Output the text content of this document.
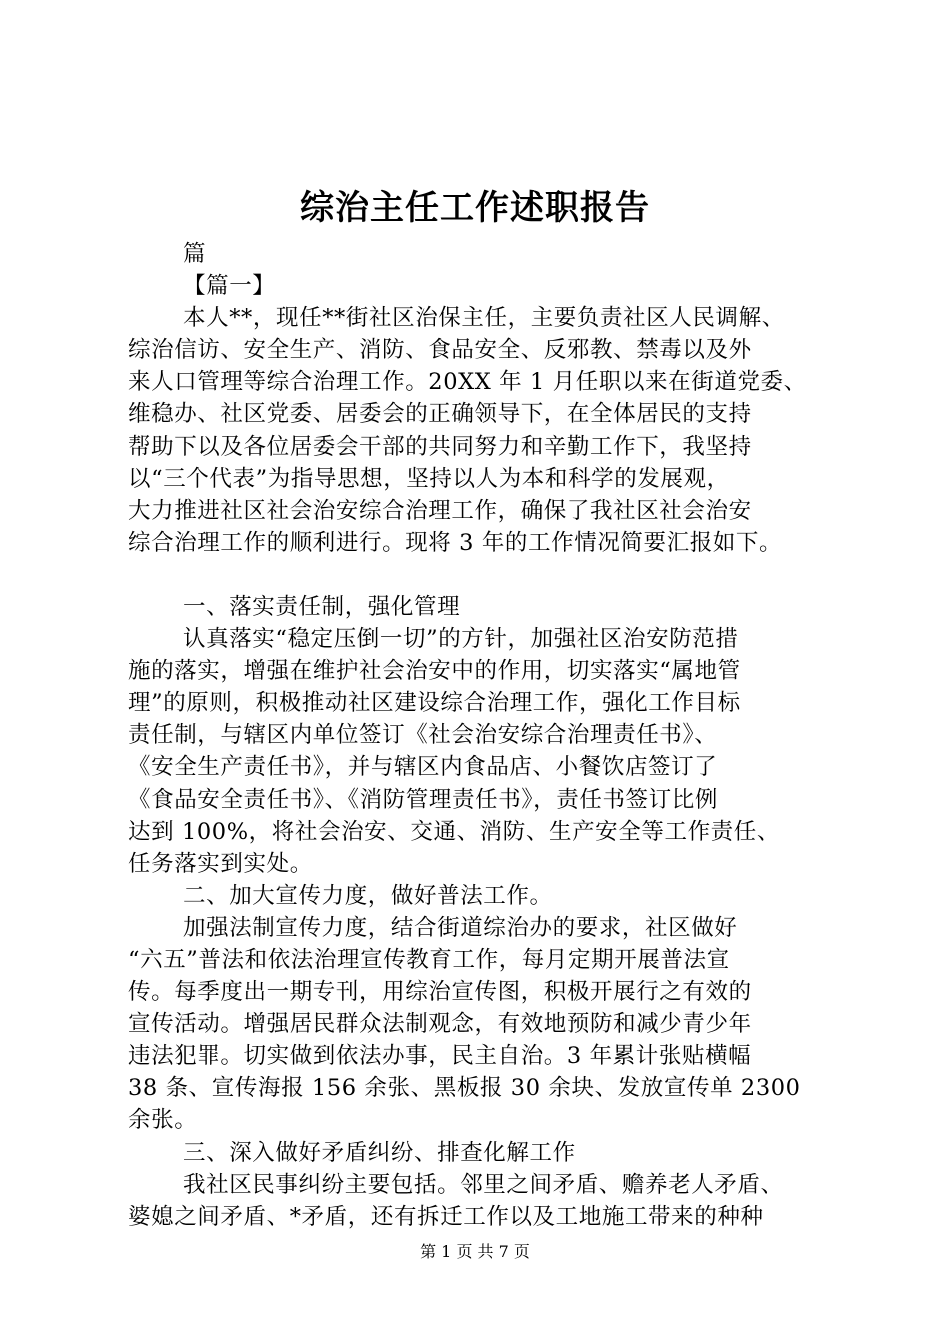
综治主任工作述职报告
篇
【篇一】
本人**，现任**街社区治保主任，主要负责社区人民调解、
综治信访、安全生产、消防、食品安全、反邪教、禁毒以及外
来人口管理等综合治理工作。20XX 年 1 月任职以来在街道党委、
维稳办、社区党委、居委会的正确领导下，在全体居民的支持
帮助下以及各位居委会干部的共同努力和辛勤工作下，我坚持
以“三个代表”为指导思想，坚持以人为本和科学的发展观，
大力推进社区社会治安综合治理工作，确保了我社区社会治安
综合治理工作的顺利进行。现将 3 年的工作情况简要汇报如下。
一、落实责任制，强化管理
认真落实“稳定压倒一切”的方针，加强社区治安防范措
施的落实，增强在维护社会治安中的作用，切实落实“属地管
理”的原则，积极推动社区建设综合治理工作，强化工作目标
责任制，与辖区内单位签订《社会治安综合治理责任书》、
《安全生产责任书》，并与辖区内食品店、小餐饮店签订了
《食品安全责任书》、《消防管理责任书》，责任书签订比例
达到 100%，将社会治安、交通、消防、生产安全等工作责任、
任务落实到实处。
二、加大宣传力度，做好普法工作。
加强法制宣传力度，结合街道综治办的要求，社区做好
“六五”普法和依法治理宣传教育工作，每月定期开展普法宣
传。每季度出一期专刊，用综治宣传图，积极开展行之有效的
宣传活动。增强居民群众法制观念，有效地预防和减少青少年
违法犯罪。切实做到依法办事，民主自治。3 年累计张贴横幅
38 条、宣传海报 156 余张、黑板报 30 余块、发放宣传单 2300
余张。
三、深入做好矛盾纠纷、排查化解工作
我社区民事纠纷主要包括。邻里之间矛盾、赡养老人矛盾、
婆媳之间矛盾、*矛盾，还有拆迁工作以及工地施工带来的种种
第 1 页 共 7 页
